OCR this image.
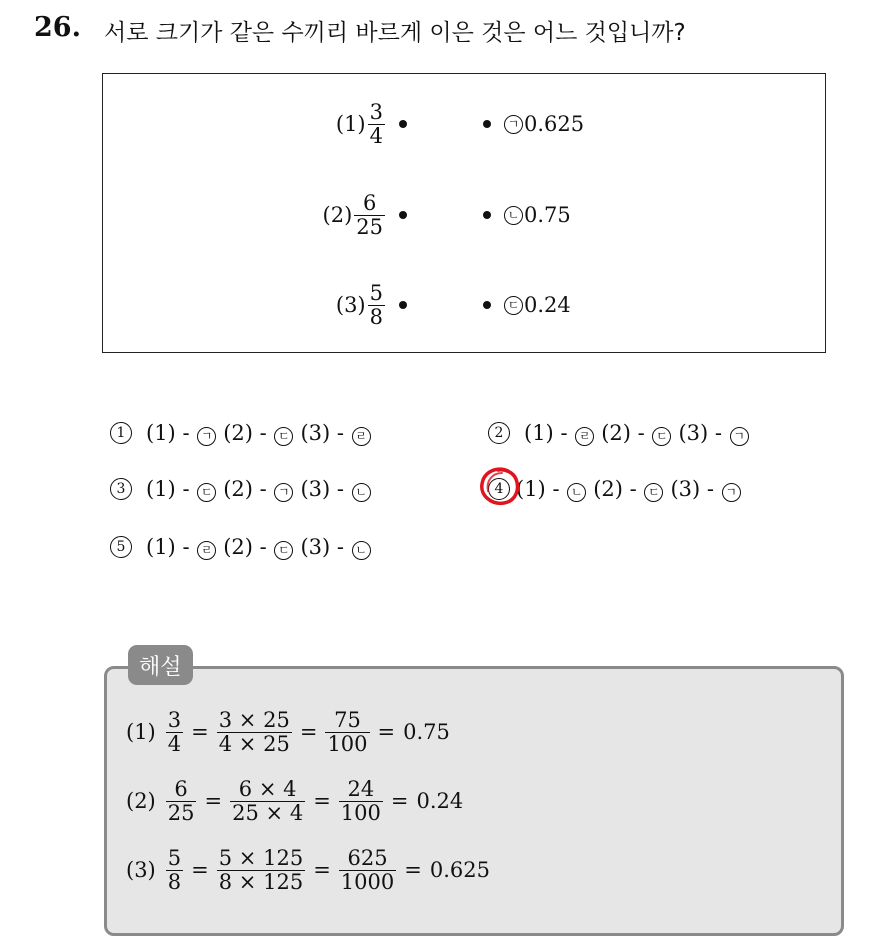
26. 서로 크기가 같은 수끼리 바르게 이은 것은 어느 것입니까?
$(1) \frac{3}{4}$	ㄱ 0.625
$(2) \frac{6}{25}$	ㄴ 0.75
$(3) \frac{5}{8}$	ㄷ 0.24
1 (1) - ㄱ (2) - ㄷ (3) - ㄹ	2 (1) - ㄹ (2) - ㄷ (3) - ㄱ
3 (1) - ㄷ (2) - ㄱ (3) - ㄴ	4 (1) - ㄴ (2) - ㄷ (3) - ㄱ
5 (1) - ㄹ (2) - ㄷ (3) - ㄴ
해설
$(1) \frac{3}{4} = \frac{3 \times 25}{4 \times 25} = \frac{75}{100} = 0.75$
$(2) \frac{6}{25} = \frac{6 \times 4}{25 \times 4} = \frac{24}{100} = 0.24$
$(3) \frac{5}{8} = \frac{5 \times 125}{8 \times 125} = \frac{625}{1000} = 0.625$
